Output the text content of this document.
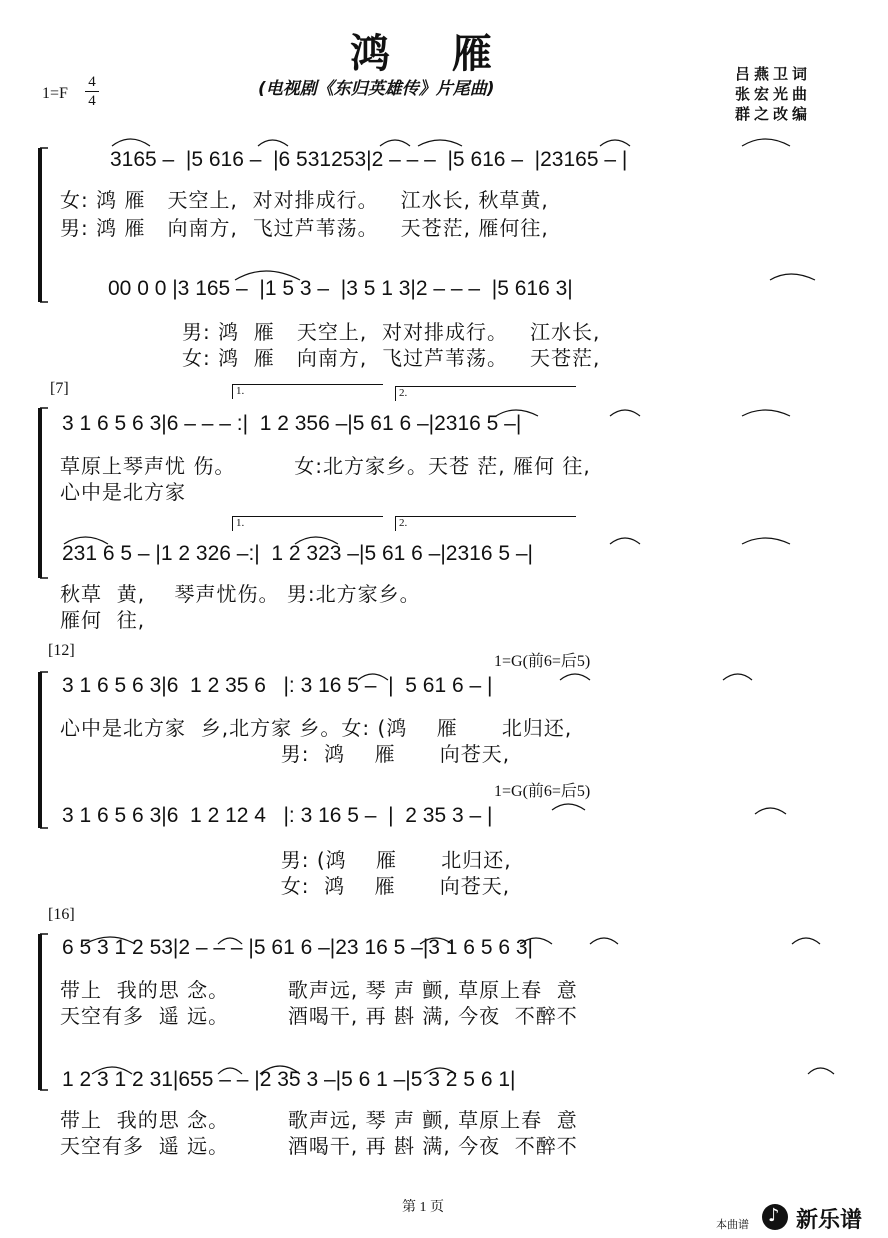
鸿 雁
(电视剧《东归英雄传》片尾曲)
吕燕卫词
张宏光曲
群之改编
1=F
4
4
3165 –  |5 616 –  |6 531253|2 – – –  |5 616 –  |23165 – |
女: 鸿 雁   天空上,  对对排成行。   江水长, 秋草黄,
男: 鸿 雁   向南方,  飞过芦苇荡。   天苍茫, 雁何往,
00 0 0 |3 165 –  |1 5 3 –  |3 5 1 3|2 – – –  |5 616 3|
男: 鸿  雁   天空上,  对对排成行。   江水长,
女: 鸿  雁   向南方,  飞过芦苇荡。   天苍茫,
[7]	1.	2.
3 1 6 5 6 3|6 – – – :|  1 2 356 –|5 61 6 –|2316 5 –|
草原上琴声忧 伤。        女:北方家乡。天苍 茫, 雁何 往,
心中是北方家
1.	2.
231 6 5 – |1 2 326 –:|  1 2 323 –|5 61 6 –|2316 5 –|
秋草  黄,    琴声忧伤。 男:北方家乡。
雁何  往,
[12]
1=G(前6=后5)
3 1 6 5 6 3|6  1 2 35 6   |: 3 16 5 –  |  5 61 6 – |
心中是北方家  乡,北方家 乡。女: (鸿    雁      北归还,
男:  鸿    雁      向苍天,
1=G(前6=后5)
3 1 6 5 6 3|6  1 2 12 4   |: 3 16 5 –  |  2 35 3 – |
男: (鸿    雁      北归还,
女:  鸿    雁      向苍天,
[16]
6 5 3 1 2 53|2 – – – |5 61 6 –|23 16 5 –|3 1 6 5 6 3|
带上  我的思 念。        歌声远, 琴 声 颤, 草原上春  意
天空有多  遥 远。        酒喝干, 再 斟 满, 今夜  不醉不
1 2 3 1 2 31|655 – – |2 35 3 –|5 6 1 –|5 3 2 5 6 1|
带上  我的思 念。        歌声远, 琴 声 颤, 草原上春  意
天空有多  遥 远。        酒喝干, 再 斟 满, 今夜  不醉不
第 1 页
本曲谱 ♪ 新乐谱
